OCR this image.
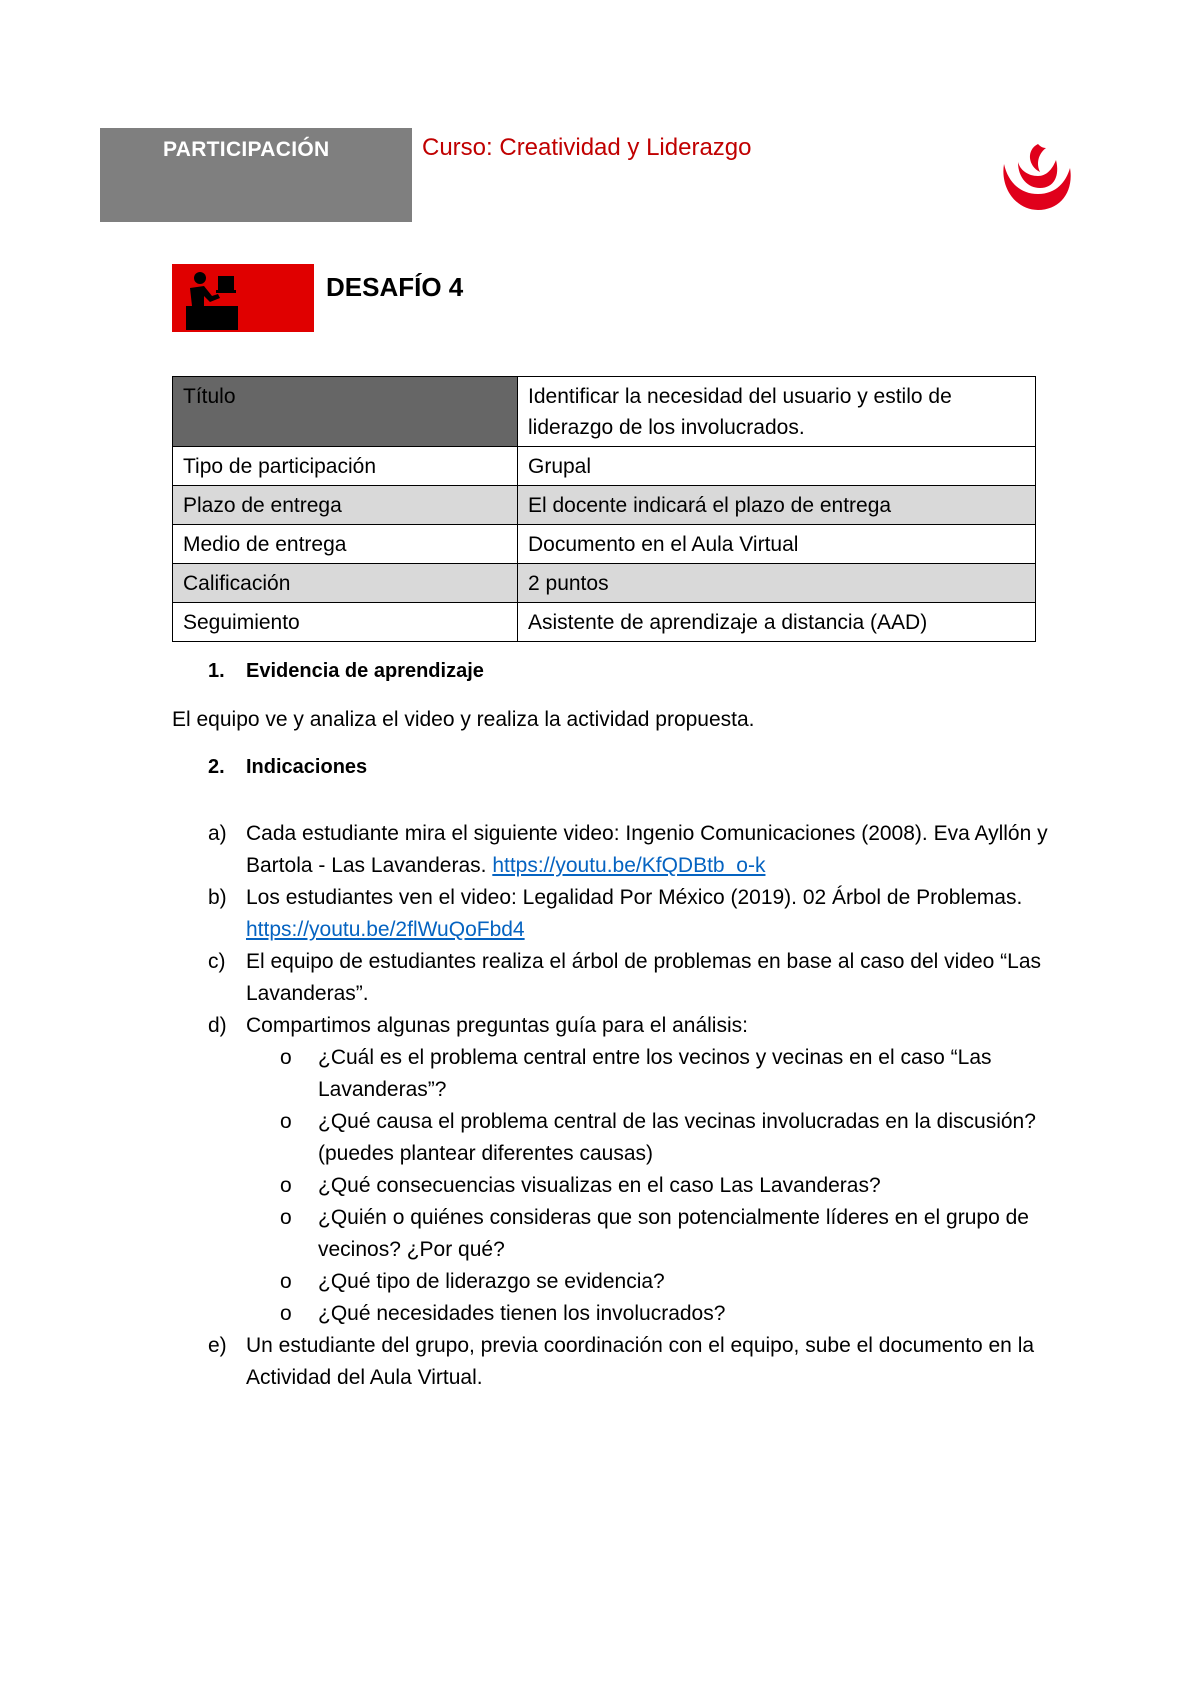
PARTICIPACIÓN	Curso: Creatividad y Liderazgo
DESAFÍO 4
Título	Identificar la necesidad del usuario y estilo de liderazgo de los involucrados.
Tipo de participación	Grupal
Plazo de entrega	El docente indicará el plazo de entrega
Medio de entrega	Documento en el Aula Virtual
Calificación	2 puntos
Seguimiento	Asistente de aprendizaje a distancia (AAD)
1. Evidencia de aprendizaje
El equipo ve y analiza el video y realiza la actividad propuesta.
2. Indicaciones
a) Cada estudiante mira el siguiente video: Ingenio Comunicaciones (2008). Eva Ayllón y Bartola - Las Lavanderas. https://youtu.be/KfQDBtb_o-k
b) Los estudiantes ven el video: Legalidad Por México (2019). 02 Árbol de Problemas. https://youtu.be/2flWuQoFbd4
c) El equipo de estudiantes realiza el árbol de problemas en base al caso del video “Las Lavanderas”.
d) Compartimos algunas preguntas guía para el análisis:
o ¿Cuál es el problema central entre los vecinos y vecinas en el caso “Las Lavanderas”?
o ¿Qué causa el problema central de las vecinas involucradas en la discusión? (puedes plantear diferentes causas)
o ¿Qué consecuencias visualizas en el caso Las Lavanderas?
o ¿Quién o quiénes consideras que son potencialmente líderes en el grupo de vecinos? ¿Por qué?
o ¿Qué tipo de liderazgo se evidencia?
o ¿Qué necesidades tienen los involucrados?
e) Un estudiante del grupo, previa coordinación con el equipo, sube el documento en la Actividad del Aula Virtual.
